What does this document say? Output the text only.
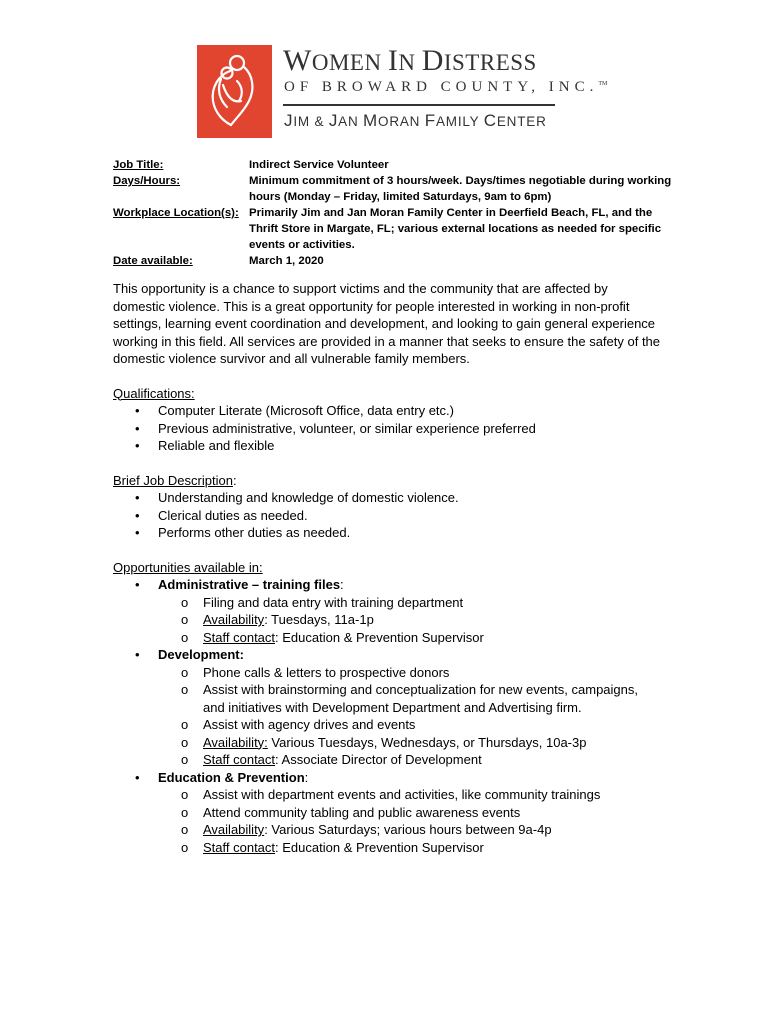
WOMEN IN DISTRESS
OF BROWARD COUNTY, INC.™
JIM & JAN MORAN FAMILY CENTER
Job Title:	Indirect Service Volunteer
Days/Hours:	Minimum commitment of 3 hours/week. Days/times negotiable during working hours (Monday – Friday, limited Saturdays, 9am to 6pm)
Workplace Location(s): Primarily Jim and Jan Moran Family Center in Deerfield Beach, FL, and the Thrift Store in Margate, FL; various external locations as needed for specific events or activities.
Date available:	March 1, 2020

This opportunity is a chance to support victims and the community that are affected by domestic violence. This is a great opportunity for people interested in working in non-profit settings, learning event coordination and development, and looking to gain general experience working in this field. All services are provided in a manner that seeks to ensure the safety of the domestic violence survivor and all vulnerable family members.

Qualifications:
• Computer Literate (Microsoft Office, data entry etc.)
• Previous administrative, volunteer, or similar experience preferred
• Reliable and flexible
Brief Job Description:
• Understanding and knowledge of domestic violence.
• Clerical duties as needed.
• Performs other duties as needed.
Opportunities available in:
• Administrative – training files:
o Filing and data entry with training department
o Availability: Tuesdays, 11a-1p
o Staff contact: Education & Prevention Supervisor
• Development:
o Phone calls & letters to prospective donors
o Assist with brainstorming and conceptualization for new events, campaigns, and initiatives with Development Department and Advertising firm.
o Assist with agency drives and events
o Availability: Various Tuesdays, Wednesdays, or Thursdays, 10a-3p
o Staff contact: Associate Director of Development
• Education & Prevention:
o Assist with department events and activities, like community trainings
o Attend community tabling and public awareness events
o Availability: Various Saturdays; various hours between 9a-4p
o Staff contact: Education & Prevention Supervisor
